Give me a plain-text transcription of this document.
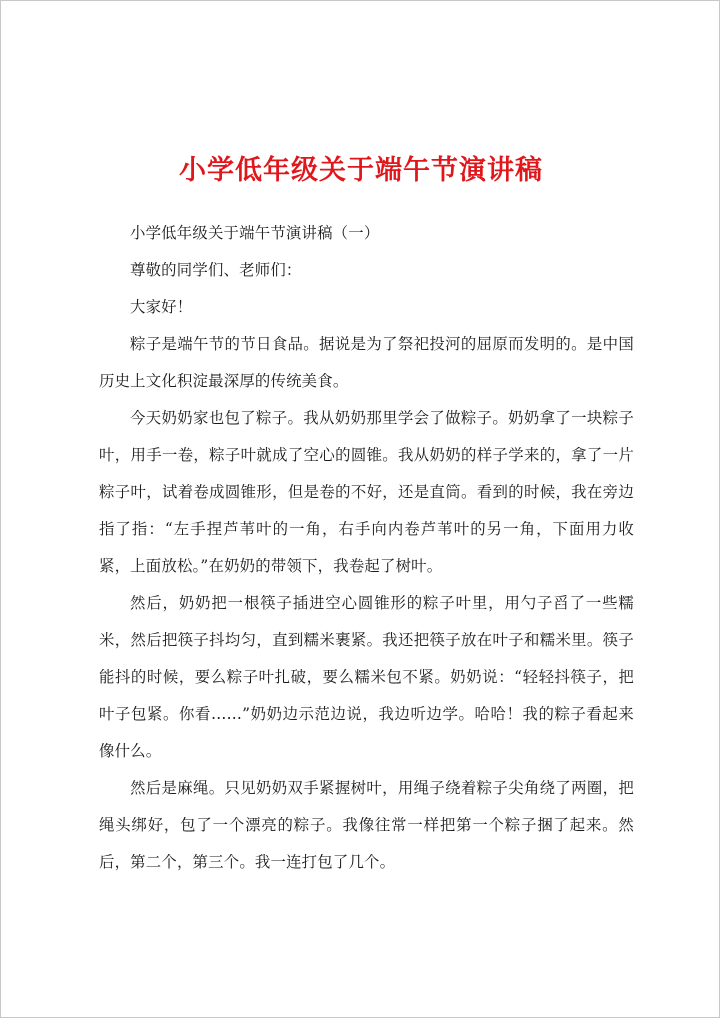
小学低年级关于端午节演讲稿

小学低年级关于端午节演讲稿（一）

尊敬的同学们、老师们：

大家好！

粽子是端午节的节日食品。据说是为了祭祀投河的屈原而发明的。是中国历史上文化积淀最深厚的传统美食。

今天奶奶家也包了粽子。我从奶奶那里学会了做粽子。奶奶拿了一块粽子叶，用手一卷，粽子叶就成了空心的圆锥。我从奶奶的样子学来的，拿了一片粽子叶，试着卷成圆锥形，但是卷的不好，还是直筒。看到的时候，我在旁边指了指：“左手捏芦苇叶的一角，右手向内卷芦苇叶的另一角，下面用力收紧，上面放松。”在奶奶的带领下，我卷起了树叶。

然后，奶奶把一根筷子插进空心圆锥形的粽子叶里，用勺子舀了一些糯米，然后把筷子抖均匀，直到糯米裹紧。我还把筷子放在叶子和糯米里。筷子能抖的时候，要么粽子叶扎破，要么糯米包不紧。奶奶说：“轻轻抖筷子，把叶子包紧。你看……”奶奶边示范边说，我边听边学。哈哈！我的粽子看起来像什么。

然后是麻绳。只见奶奶双手紧握树叶，用绳子绕着粽子尖角绕了两圈，把绳头绑好，包了一个漂亮的粽子。我像往常一样把第一个粽子捆了起来。然后，第二个，第三个。我一连打包了几个。
